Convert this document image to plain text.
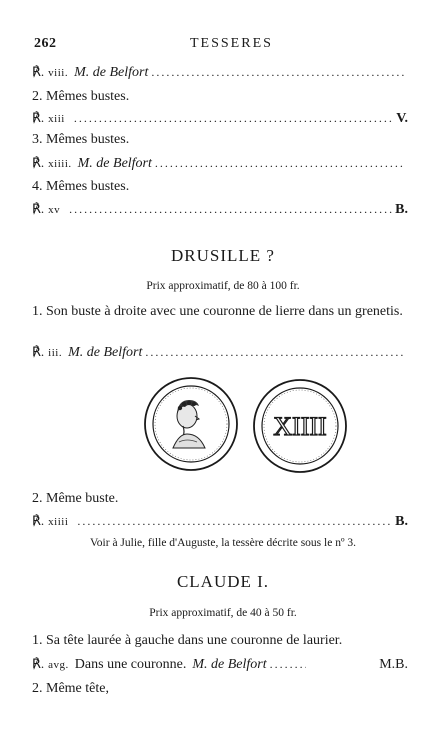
262	TESSERES
℟. viii. M. de Belfort
.....
2. Mêmes bustes.
℟. xiii .....	V.
3. Mêmes bustes.
℟. xiiii. M. de Belfort
.....
4. Mêmes bustes.
℟. xv .....	B.
DRUSILLE ?
Prix approximatif, de 80 à 100 fr.
1. Son buste à droite avec une couronne de lierre dans un grenetis.
℟. iii. M. de Belfort
.....
XIIII
2. Même buste.
℟. xiiii .....	B.
Voir à Julie, fille d'Auguste, la tessère décrite sous le nº 3.
CLAUDE I.
Prix approximatif, de 40 à 50 fr.
1. Sa tête laurée à gauche dans une couronne de laurier.
℟. avg. Dans une couronne. M. de Belfort .....	M.B.
2. Même tête,
